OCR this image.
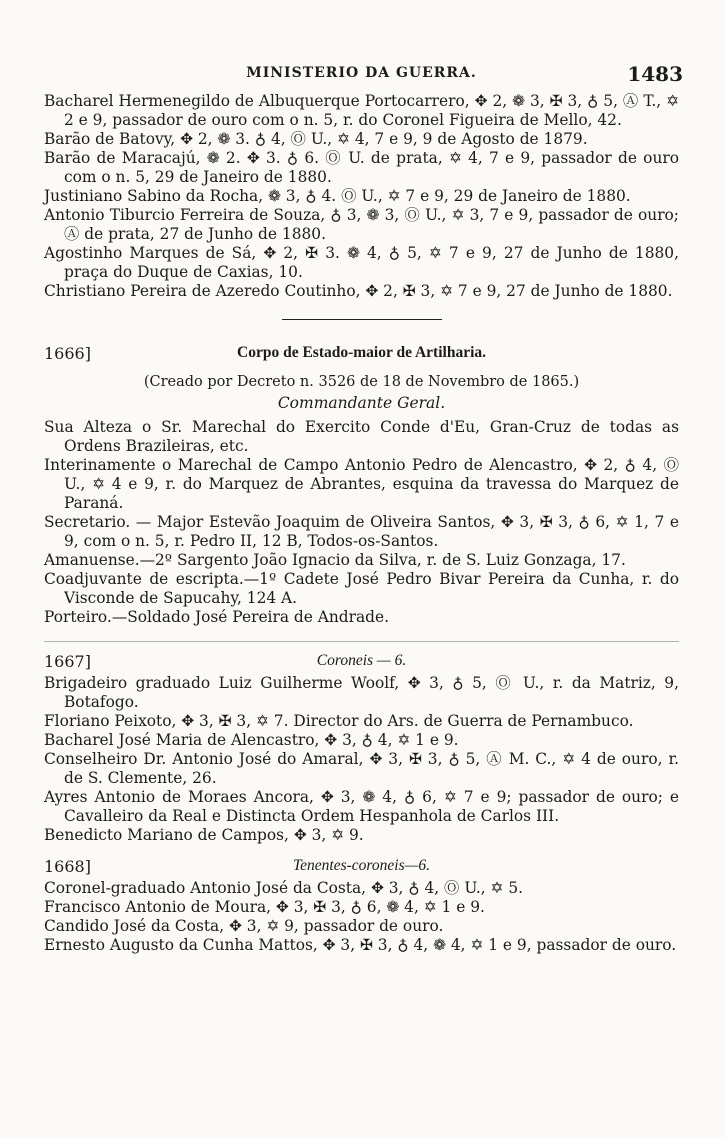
MINISTERIO DA GUERRA.	1483

Bacharel Hermenegildo de Albuquerque Portocarrero, ✥ 2, ❁ 3, ✠ 3, ♁ 5, Ⓐ T., ✡ 2 e 9, passador de ouro com o n. 5, r. do Coronel Figueira de Mello, 42.

Barão de Batovy, ✥ 2, ❁ 3. ♁ 4, Ⓞ U., ✡ 4, 7 e 9, 9 de Agosto de 1879.

Barão de Maracajú, ❁ 2. ✥ 3. ♁ 6. Ⓞ U. de prata, ✡ 4, 7 e 9, passador de ouro com o n. 5, 29 de Janeiro de 1880.

Justiniano Sabino da Rocha, ❁ 3, ♁ 4. Ⓞ U., ✡ 7 e 9, 29 de Janeiro de 1880.

Antonio Tiburcio Ferreira de Souza, ♁ 3, ❁ 3, Ⓞ U., ✡ 3, 7 e 9, passador de ouro; Ⓐ de prata, 27 de Junho de 1880.

Agostinho Marques de Sá, ✥ 2, ✠ 3. ❁ 4, ♁ 5, ✡ 7 e 9, 27 de Junho de 1880, praça do Duque de Caxias, 10.

Christiano Pereira de Azeredo Coutinho, ✥ 2, ✠ 3, ✡ 7 e 9, 27 de Junho de 1880.

1666]	Corpo de Estado-maior de Artilharia.
(Creado por Decreto n. 3526 de 18 de Novembro de 1865.)
Commandante Geral.

Sua Alteza o Sr. Marechal do Exercito Conde d'Eu, Gran-Cruz de todas as Ordens Brazileiras, etc.

Interinamente o Marechal de Campo Antonio Pedro de Alencastro, ✥ 2, ♁ 4, Ⓞ U., ✡ 4 e 9, r. do Marquez de Abrantes, esquina da travessa do Marquez de Paraná.

Secretario. — Major Estevão Joaquim de Oliveira Santos, ✥ 3, ✠ 3, ♁ 6, ✡ 1, 7 e 9, com o n. 5, r. Pedro II, 12 B, Todos-os-Santos.

Amanuense.—2º Sargento João Ignacio da Silva, r. de S. Luiz Gonzaga, 17.

Coadjuvante de escripta.—1º Cadete José Pedro Bivar Pereira da Cunha, r. do Visconde de Sapucahy, 124 A.

Porteiro.—Soldado José Pereira de Andrade.

1667]	Coroneis — 6.

Brigadeiro graduado Luiz Guilherme Woolf, ✥ 3, ♁ 5, Ⓞ U., r. da Matriz, 9, Botafogo.

Floriano Peixoto, ✥ 3, ✠ 3, ✡ 7. Director do Ars. de Guerra de Pernambuco.

Bacharel José Maria de Alencastro, ✥ 3, ♁ 4, ✡ 1 e 9.

Conselheiro Dr. Antonio José do Amaral, ✥ 3, ✠ 3, ♁ 5, Ⓐ M. C., ✡ 4 de ouro, r. de S. Clemente, 26.

Ayres Antonio de Moraes Ancora, ✥ 3, ❁ 4, ♁ 6, ✡ 7 e 9; passador de ouro; e Cavalleiro da Real e Distincta Ordem Hespanhola de Carlos III.

Benedicto Mariano de Campos, ✥ 3, ✡ 9.

1668]	Tenentes-coroneis—6.

Coronel-graduado Antonio José da Costa, ✥ 3, ♁ 4, Ⓞ U., ✡ 5.

Francisco Antonio de Moura, ✥ 3, ✠ 3, ♁ 6, ❁ 4, ✡ 1 e 9.

Candido José da Costa, ✥ 3, ✡ 9, passador de ouro.

Ernesto Augusto da Cunha Mattos, ✥ 3, ✠ 3, ♁ 4, ❁ 4, ✡ 1 e 9, passador de ouro.
